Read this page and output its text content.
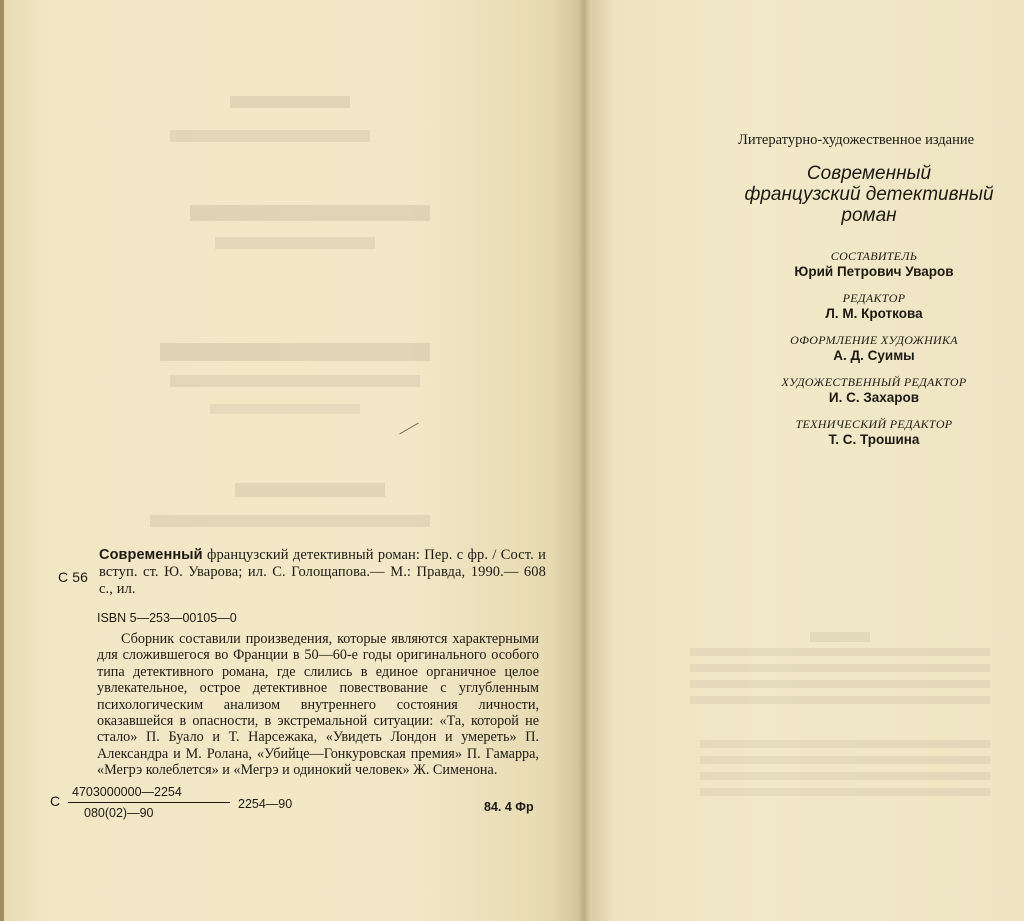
С 56
Современный французский детективный роман: Пер. с фр. / Сост. и вступ. ст. Ю. Уварова; ил. С. Голощапова.— М.: Правда, 1990.— 608 с., ил.
ISBN 5—253—00105—0
Сборник составили произведения, которые являются характерными для сложившегося во Франции в 50—60-е годы оригинального особого типа детективного романа, где слились в единое органичное целое увлекательное, острое детективное повествование с углубленным психологическим анализом внутреннего состояния личности, оказавшейся в опасности, в экстремальной ситуации: «Та, которой не стало» П. Буало и Т. Нарсежака, «Увидеть Лондон и умереть» П. Александра и М. Ролана, «Убийце—Гонкуровская премия» П. Гамарра, «Мегрэ колеблется» и «Мегрэ и одинокий человек» Ж. Сименона.
С
4703000000—2254
080(02)—90
2254—90	84. 4 Фр
Литературно-художественное издание
Современный
французский детективный
роман
СОСТАВИТЕЛЬ
Юрий Петрович Уваров
РЕДАКТОР
Л. М. Кроткова
ОФОРМЛЕНИЕ ХУДОЖНИКА
А. Д. Суимы
ХУДОЖЕСТВЕННЫЙ РЕДАКТОР
И. С. Захаров
ТЕХНИЧЕСКИЙ РЕДАКТОР
Т. С. Трошина
